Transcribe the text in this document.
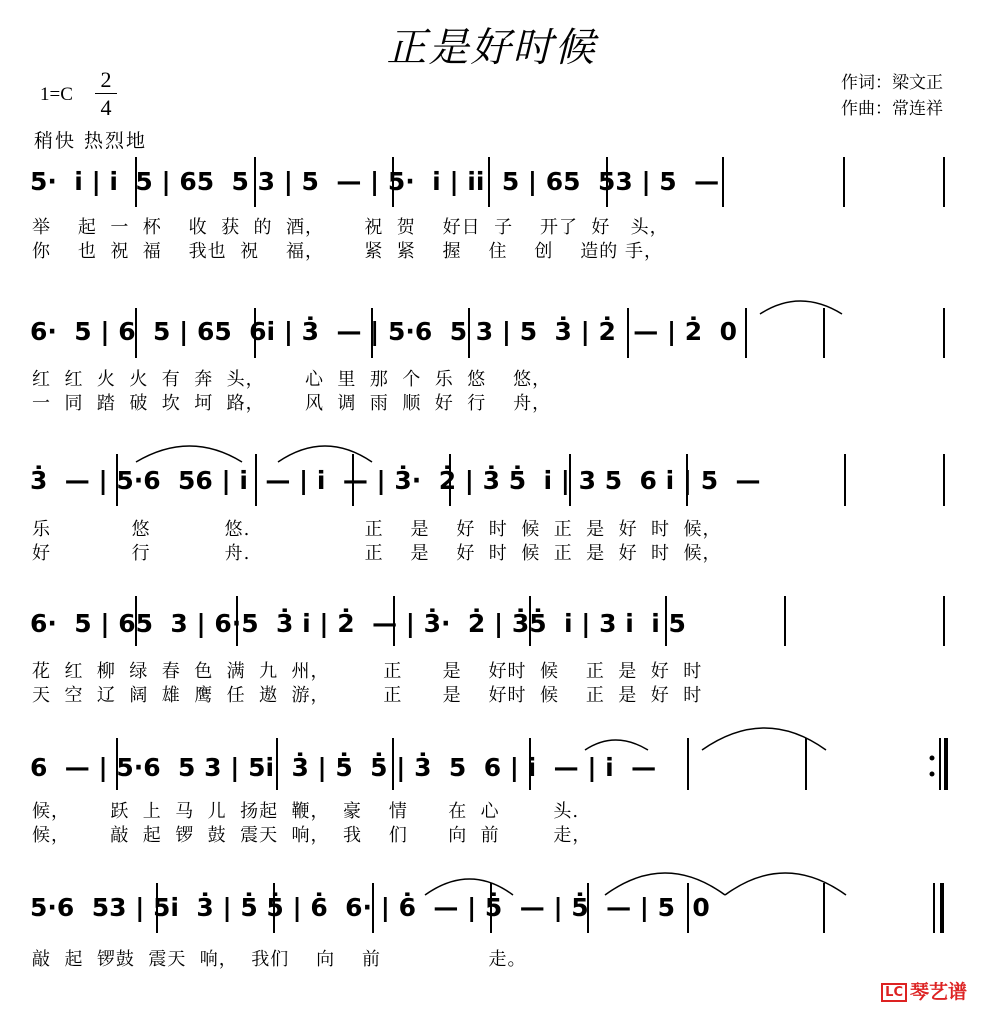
正是好时候
1=C
2
4
稍快 热烈地
作词：梁文正
作曲：常连祥
5·  i̇ | i̇  5 | 65  5 3 | 5  — | 5·  i̇ | i̇i̇  5 | 65  53 | 5  —
举    起  一  杯    收  获  的  酒，      祝  贺    好日  子    开了  好   头，
你    也  祝  福    我也  祝    福，      紧  紧    握    住    创    造的 手，
6·  5 | 6  5 | 65  6i̇ | 3̇  — | 5·6  5 3 | 5  3̇ | 2̇  — | 2̇  0
红  红  火  火  有  奔  头，      心  里  那  个  乐  悠    悠，
一  同  踏  破  坎  坷  路，      风  调  雨  顺  好  行    舟，
3̇  — | 5·6  56 | i̇  — | i̇  — | 3̇·  2̇ | 3̇ 5̇  i̇ | 3 5  6 i̇ | 5  —
乐            悠           悠.                 正    是    好  时  候  正  是  好  时  候，
好            行           舟.                 正    是    好  时  候  正  是  好  时  候，
6·  5 | 65  3 | 6·5  3̇ i̇ | 2̇  — | 3̇·  2̇ | 3̇5̇  i̇ | 3 i̇  i̇ 5
花  红  柳  绿  春  色  满  九  州，        正      是    好时  候    正  是  好  时
天  空  辽  阔  雄  鹰  任  遨  游，        正      是    好时  候    正  是  好  时
6  — | 5·6  5 3 | 5i̇  3̇ | 5̇  5̇ | 3̇  5  6 | i̇  — | i̇  —
候，      跃  上  马  儿  扬起  鞭，  豪    情      在  心        头.
候，      敲  起  锣  鼓  震天  响，  我    们      向  前        走，
5·6  53 | 5i̇  3̇ | 5̇ 5̇ | 6̇  6· | 6̇  — | 5̇  — | 5̇  — | 5  0
敲  起  锣鼓  震天  响，  我们    向    前                走。
LC 琴艺谱
